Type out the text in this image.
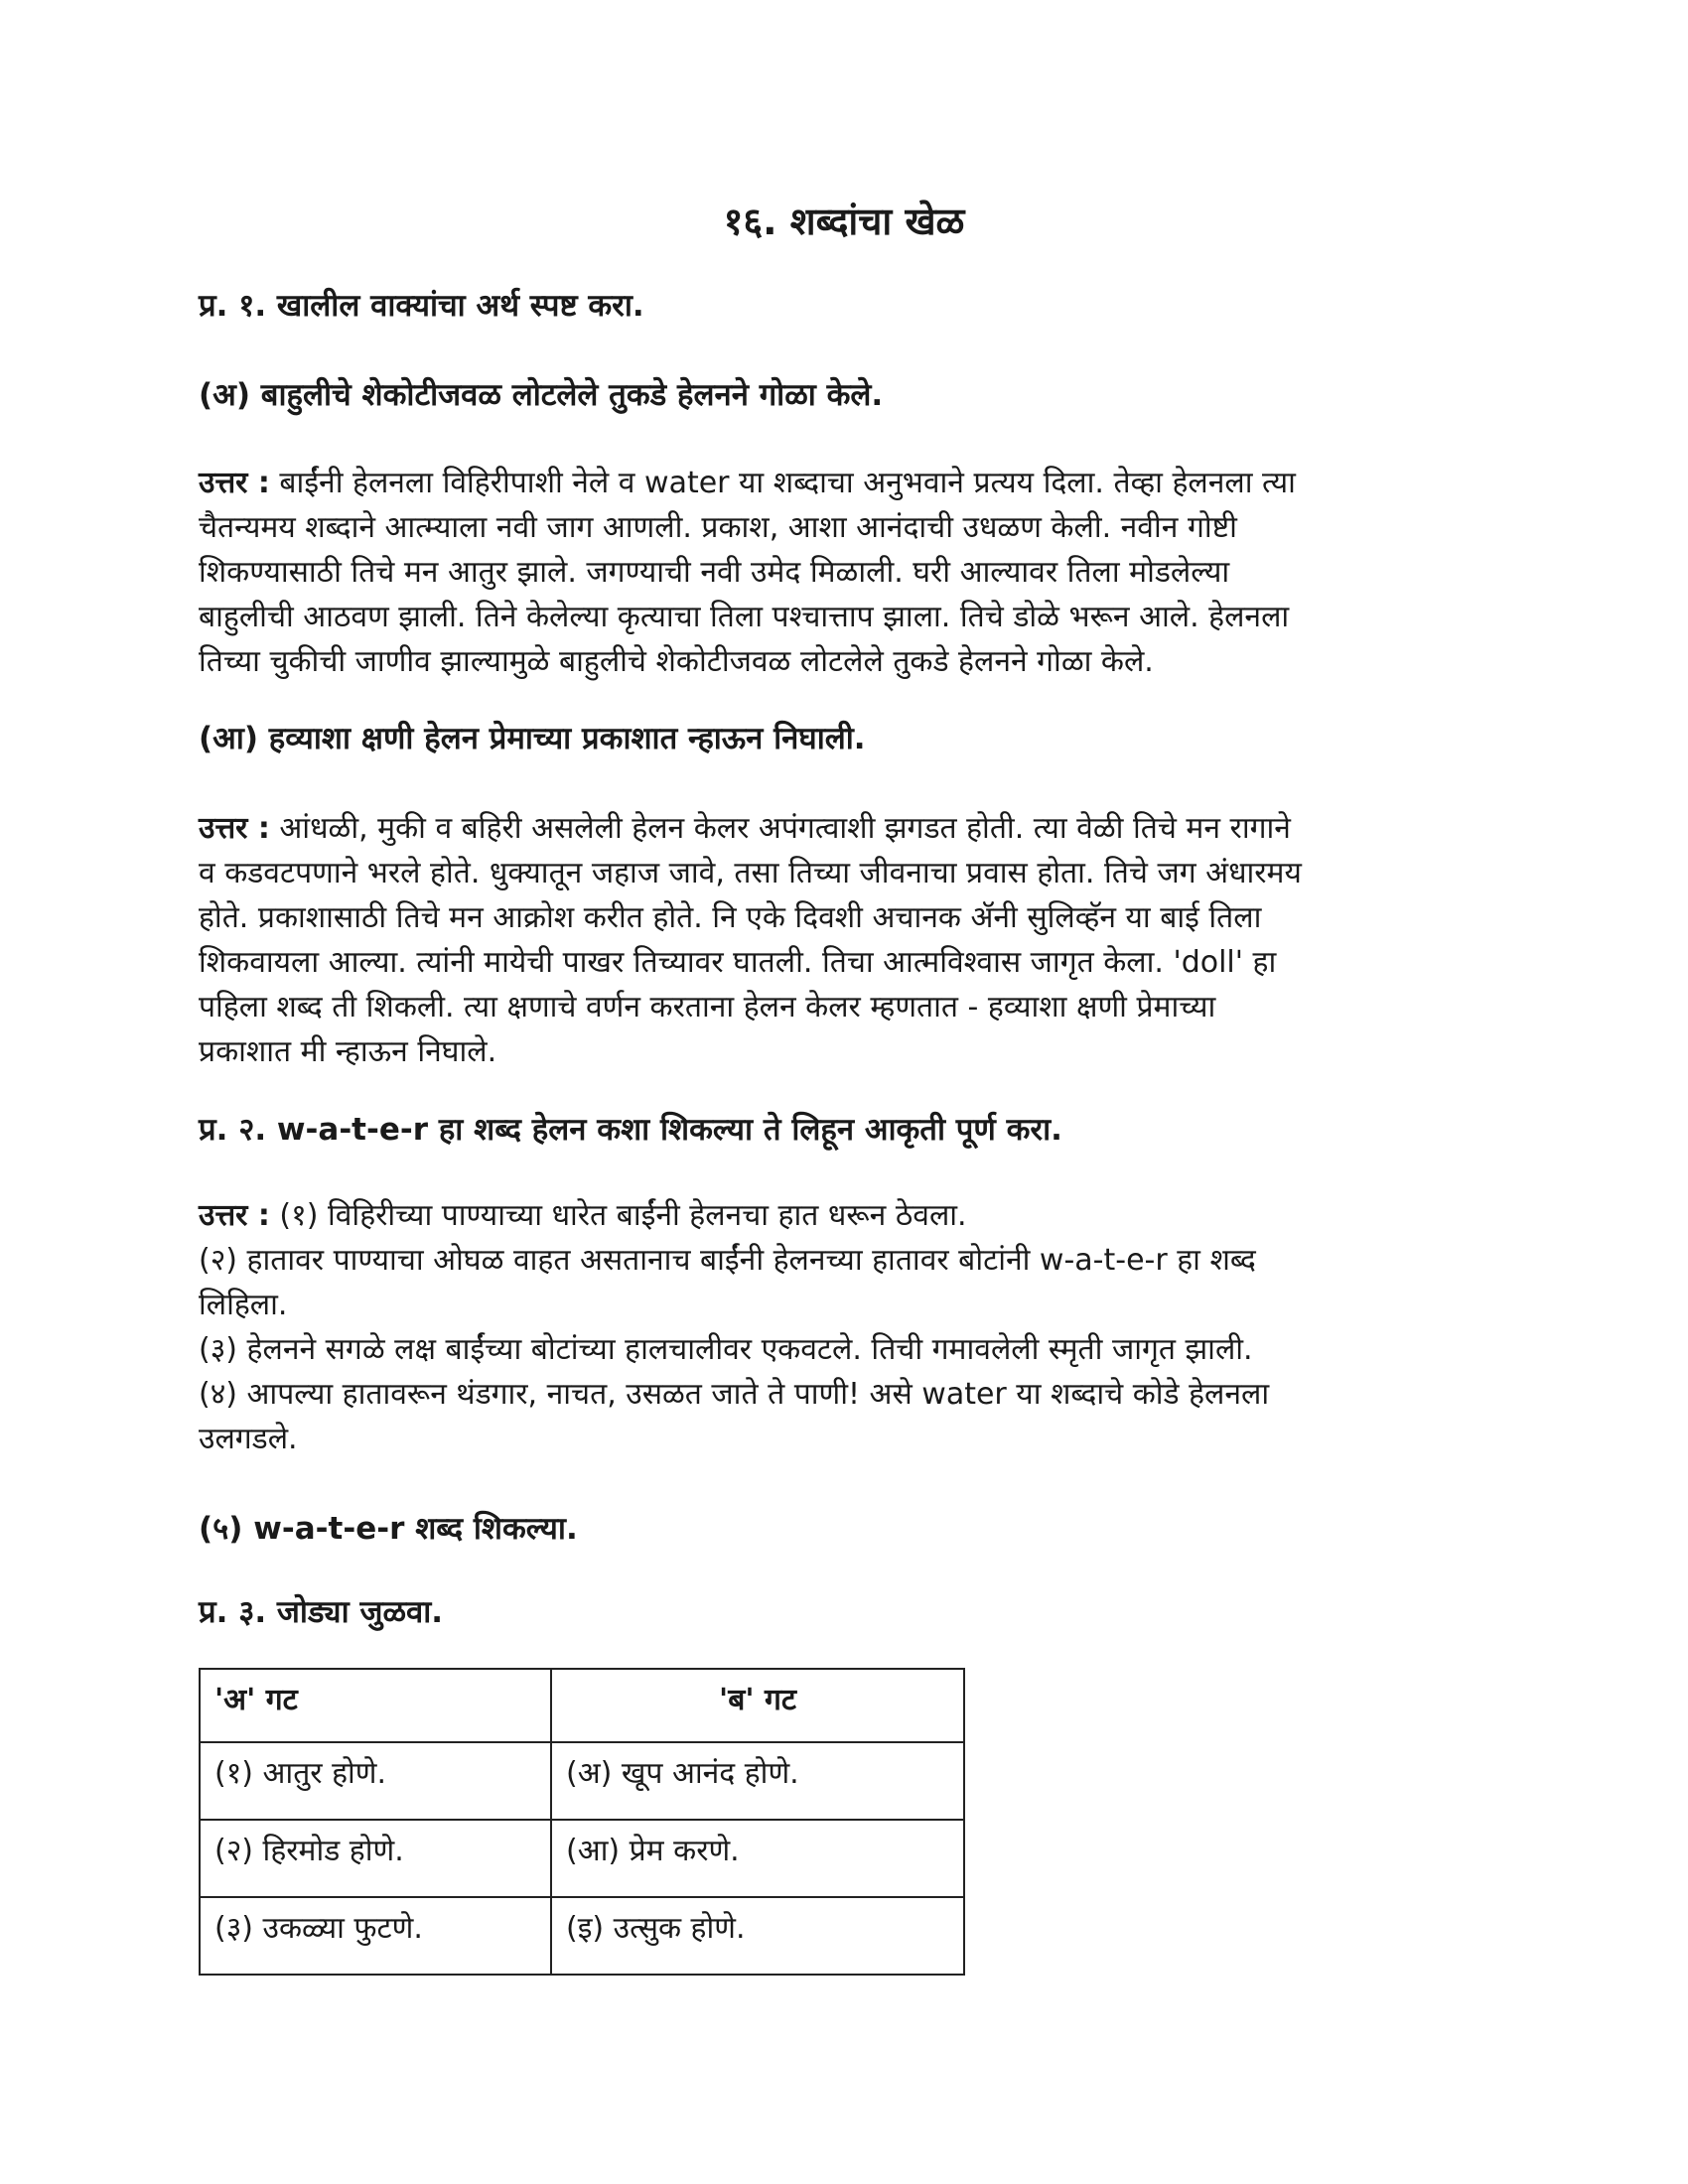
१६. शब्दांचा खेळ
प्र. १. खालील वाक्यांचा अर्थ स्पष्ट करा.
(अ) बाहुलीचे शेकोटीजवळ लोटलेले तुकडे हेलनने गोळा केले.
उत्तर : बाईंनी हेलनला विहिरीपाशी नेले व water या शब्दाचा अनुभवाने प्रत्यय दिला. तेव्हा हेलनला त्या
चैतन्यमय शब्दाने आत्म्याला नवी जाग आणली. प्रकाश, आशा आनंदाची उधळण केली. नवीन गोष्टी
शिकण्यासाठी तिचे मन आतुर झाले. जगण्याची नवी उमेद मिळाली. घरी आल्यावर तिला मोडलेल्या
बाहुलीची आठवण झाली. तिने केलेल्या कृत्याचा तिला पश्चात्ताप झाला. तिचे डोळे भरून आले. हेलनला
तिच्या चुकीची जाणीव झाल्यामुळे बाहुलीचे शेकोटीजवळ लोटलेले तुकडे हेलनने गोळा केले.
(आ) हव्याशा क्षणी हेलन प्रेमाच्या प्रकाशात न्हाऊन निघाली.
उत्तर : आंधळी, मुकी व बहिरी असलेली हेलन केलर अपंगत्वाशी झगडत होती. त्या वेळी तिचे मन रागाने
व कडवटपणाने भरले होते. धुक्यातून जहाज जावे, तसा तिच्या जीवनाचा प्रवास होता. तिचे जग अंधारमय
होते. प्रकाशासाठी तिचे मन आक्रोश करीत होते. नि एके दिवशी अचानक ॲनी सुलिव्हॅन या बाई तिला
शिकवायला आल्या. त्यांनी मायेची पाखर तिच्यावर घातली. तिचा आत्मविश्वास जागृत केला. 'doll' हा
पहिला शब्द ती शिकली. त्या क्षणाचे वर्णन करताना हेलन केलर म्हणतात - हव्याशा क्षणी प्रेमाच्या
प्रकाशात मी न्हाऊन निघाले.
प्र. २. w-a-t-e-r हा शब्द हेलन कशा शिकल्या ते लिहून आकृती पूर्ण करा.
उत्तर : (१) विहिरीच्या पाण्याच्या धारेत बाईंनी हेलनचा हात धरून ठेवला.
(२) हातावर पाण्याचा ओघळ वाहत असतानाच बाईंनी हेलनच्या हातावर बोटांनी w-a-t-e-r हा शब्द
लिहिला.
(३) हेलनने सगळे लक्ष बाईंच्या बोटांच्या हालचालीवर एकवटले. तिची गमावलेली स्मृती जागृत झाली.
(४) आपल्या हातावरून थंडगार, नाचत, उसळत जाते ते पाणी! असे water या शब्दाचे कोडे हेलनला
उलगडले.
(५) w-a-t-e-r शब्द शिकल्या.
प्र. ३. जोड्या जुळवा.
'अ' गट	'ब' गट
(१) आतुर होणे.	(अ) खूप आनंद होणे.
(२) हिरमोड होणे.	(आ) प्रेम करणे.
(३) उकळ्या फुटणे.	(इ) उत्सुक होणे.
